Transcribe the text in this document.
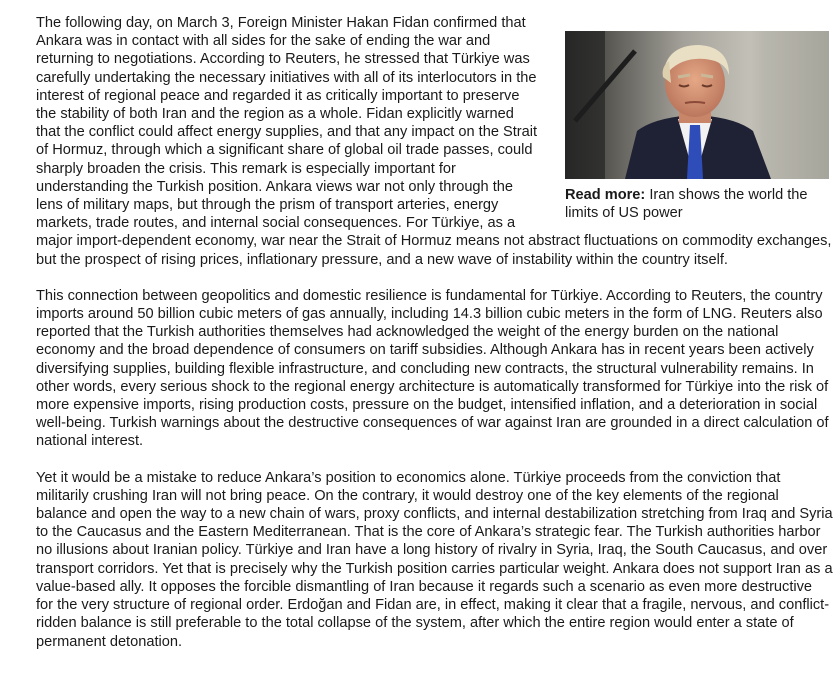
Read more: Iran shows the world the limits of US power

The following day, on March 3, Foreign Minister Hakan Fidan confirmed that Ankara was in contact with all sides for the sake of ending the war and returning to negotiations. According to Reuters, he stressed that Türkiye was carefully undertaking the necessary initiatives with all of its interlocutors in the interest of regional peace and regarded it as critically important to preserve the stability of both Iran and the region as a whole. Fidan explicitly warned that the conflict could affect energy supplies, and that any impact on the Strait of Hormuz, through which a significant share of global oil trade passes, could sharply broaden the crisis. This remark is especially important for understanding the Turkish position. Ankara views war not only through the lens of military maps, but through the prism of transport arteries, energy markets, trade routes, and internal social consequences. For Türkiye, as a major import-dependent economy, war near the Strait of Hormuz means not abstract fluctuations on commodity exchanges, but the prospect of rising prices, inflationary pressure, and a new wave of instability within the country itself.

This connection between geopolitics and domestic resilience is fundamental for Türkiye. According to Reuters, the country imports around 50 billion cubic meters of gas annually, including 14.3 billion cubic meters in the form of LNG. Reuters also reported that the Turkish authorities themselves had acknowledged the weight of the energy burden on the national economy and the broad dependence of consumers on tariff subsidies. Although Ankara has in recent years been actively diversifying supplies, building flexible infrastructure, and concluding new contracts, the structural vulnerability remains. In other words, every serious shock to the regional energy architecture is automatically transformed for Türkiye into the risk of more expensive imports, rising production costs, pressure on the budget, intensified inflation, and a deterioration in social well-being. Turkish warnings about the destructive consequences of war against Iran are grounded in a direct calculation of national interest.

Yet it would be a mistake to reduce Ankara’s position to economics alone. Türkiye proceeds from the conviction that militarily crushing Iran will not bring peace. On the contrary, it would destroy one of the key elements of the regional balance and open the way to a new chain of wars, proxy conflicts, and internal destabilization stretching from Iraq and Syria to the Caucasus and the Eastern Mediterranean. That is the core of Ankara’s strategic fear. The Turkish authorities harbor no illusions about Iranian policy. Türkiye and Iran have a long history of rivalry in Syria, Iraq, the South Caucasus, and over transport corridors. Yet that is precisely why the Turkish position carries particular weight. Ankara does not support Iran as a value-based ally. It opposes the forcible dismantling of Iran because it regards such a scenario as even more destructive for the very structure of regional order. Erdoğan and Fidan are, in effect, making it clear that a fragile, nervous, and conflict-ridden balance is still preferable to the total collapse of the system, after which the entire region would enter a state of permanent detonation.
